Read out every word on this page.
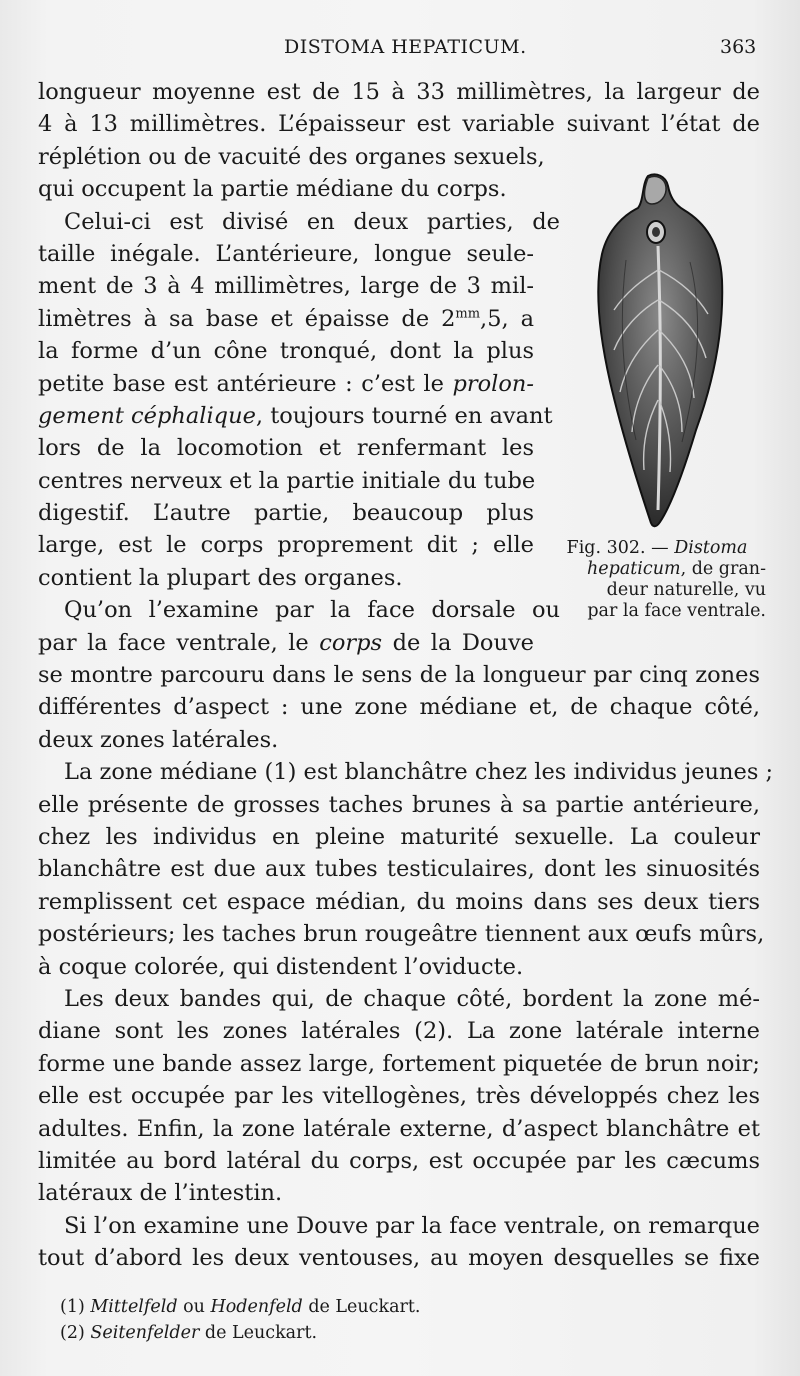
DISTOMA HEPATICUM.	363
longueur moyenne est de 15 à 33 millimètres, la largeur de
4 à 13 millimètres. L’épaisseur est variable suivant l’état de
réplétion ou de vacuité des organes sexuels,
qui occupent la partie médiane du corps.
Celui-ci est divisé en deux parties, de
taille inégale. L’antérieure, longue seule-
ment de 3 à 4 millimètres, large de 3 mil-
limètres à sa base et épaisse de $2^{mm},5$, a
la forme d’un cône tronqué, dont la plus
petite base est antérieure : c’est le prolon-
gement céphalique, toujours tourné en avant
lors de la locomotion et renfermant les
centres nerveux et la partie initiale du tube
digestif. L’autre partie, beaucoup plus
large, est le corps proprement dit ; elle
contient la plupart des organes.
Qu’on l’examine par la face dorsale ou
par la face ventrale, le corps de la Douve
se montre parcouru dans le sens de la longueur par cinq zones
différentes d’aspect : une zone médiane et, de chaque côté,
deux zones latérales.
La zone médiane (1) est blanchâtre chez les individus jeunes ;
elle présente de grosses taches brunes à sa partie antérieure,
chez les individus en pleine maturité sexuelle. La couleur
blanchâtre est due aux tubes testiculaires, dont les sinuosités
remplissent cet espace médian, du moins dans ses deux tiers
postérieurs; les taches brun rougeâtre tiennent aux œufs mûrs,
à coque colorée, qui distendent l’oviducte.
Les deux bandes qui, de chaque côté, bordent la zone mé-
diane sont les zones latérales (2). La zone latérale interne
forme une bande assez large, fortement piquetée de brun noir;
elle est occupée par les vitellogènes, très développés chez les
adultes. Enfin, la zone latérale externe, d’aspect blanchâtre et
limitée au bord latéral du corps, est occupée par les cæcums
latéraux de l’intestin.
Si l’on examine une Douve par la face ventrale, on remarque
tout d’abord les deux ventouses, au moyen desquelles se fixe
Fig. 302. — Distoma
hepaticum, de gran-
deur naturelle, vu
par la face ventrale.
(1) Mittelfeld ou Hodenfeld de Leuckart.
(2) Seitenfelder de Leuckart.
